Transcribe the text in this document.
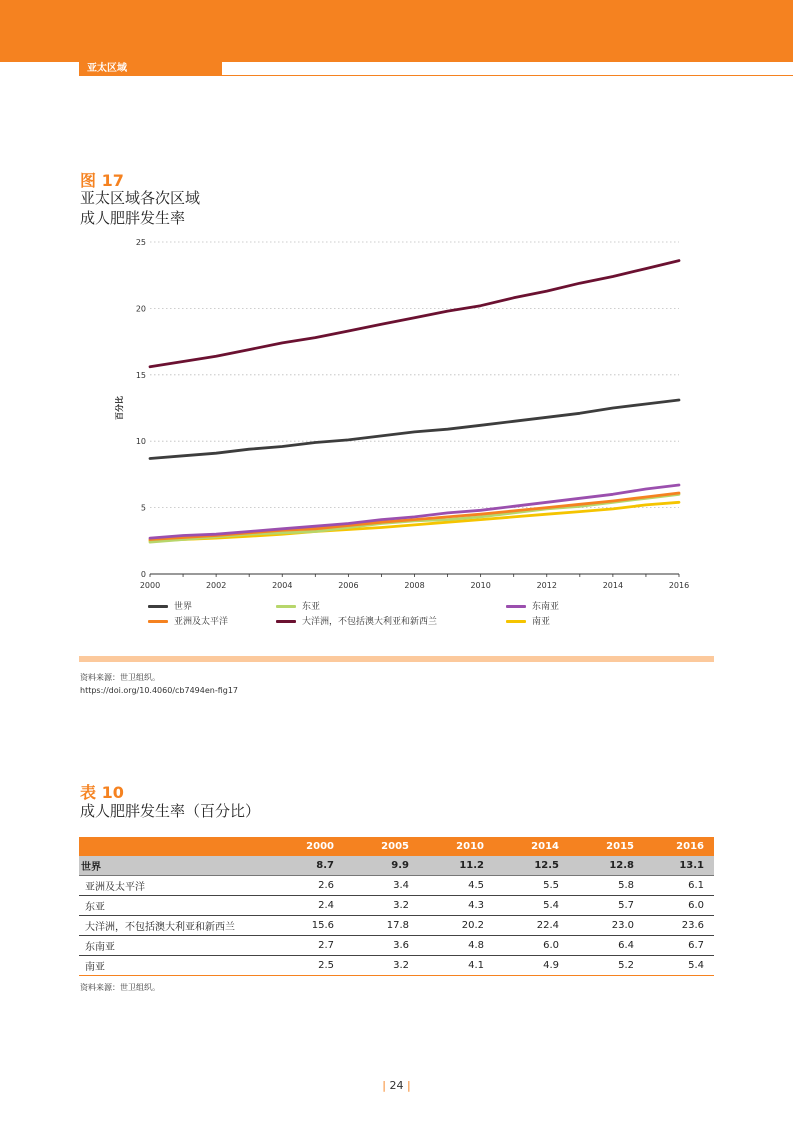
亚太区域
图 17
亚太区域各次区域
成人肥胖发生率
0
5
10
15
20
25
2000	2002	2004	2006	2008	2010	2012	2014	2016
百分比
世界	东亚	东南亚
亚洲及太平洋	大洋洲，不包括澳大利亚和新西兰	南亚
资料来源：世卫组织。
https://doi.org/10.4060/cb7494en-fig17
表 10
成人肥胖发生率（百分比）
	2000	2005	2010	2014	2015	2016
世界	8.7	9.9	11.2	12.5	12.8	13.1
亚洲及太平洋	2.6	3.4	4.5	5.5	5.8	6.1
东亚	2.4	3.2	4.3	5.4	5.7	6.0
大洋洲，不包括澳大利亚和新西兰	15.6	17.8	20.2	22.4	23.0	23.6
东南亚	2.7	3.6	4.8	6.0	6.4	6.7
南亚	2.5	3.2	4.1	4.9	5.2	5.4
资料来源：世卫组织。
| 24 |
